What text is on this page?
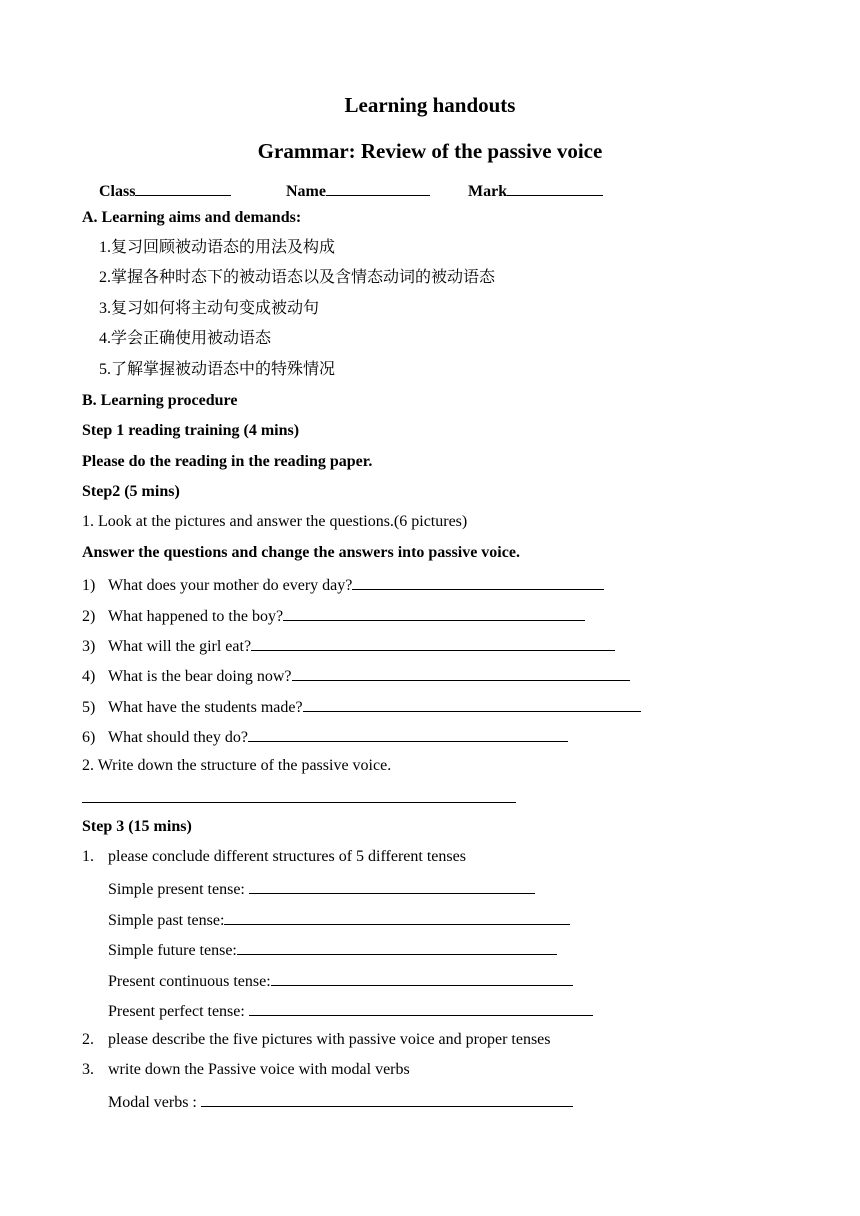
Learning handouts
Grammar: Review of the passive voice
Class	Name	Mark
A. Learning aims and demands:
1.复习回顾被动语态的用法及构成
2.掌握各种时态下的被动语态以及含情态动词的被动语态
3.复习如何将主动句变成被动句
4.学会正确使用被动语态
5.了解掌握被动语态中的特殊情况
B. Learning procedure
Step 1 reading training (4 mins)
Please do the reading in the reading paper.
Step2 (5 mins)
1. Look at the pictures and answer the questions.(6 pictures)
Answer the questions and change the answers into passive voice.
1) What does your mother do every day?
2) What happened to the boy?
3) What will the girl eat?
4) What is the bear doing now?
5) What have the students made?
6) What should they do?
2. Write down the structure of the passive voice.
Step 3 (15 mins)
1. please conclude different structures of 5 different tenses
Simple present tense:
Simple past tense:
Simple future tense:
Present continuous tense:
Present perfect tense:
2. please describe the five pictures with passive voice and proper tenses
3. write down the Passive voice with modal verbs
Modal verbs :
